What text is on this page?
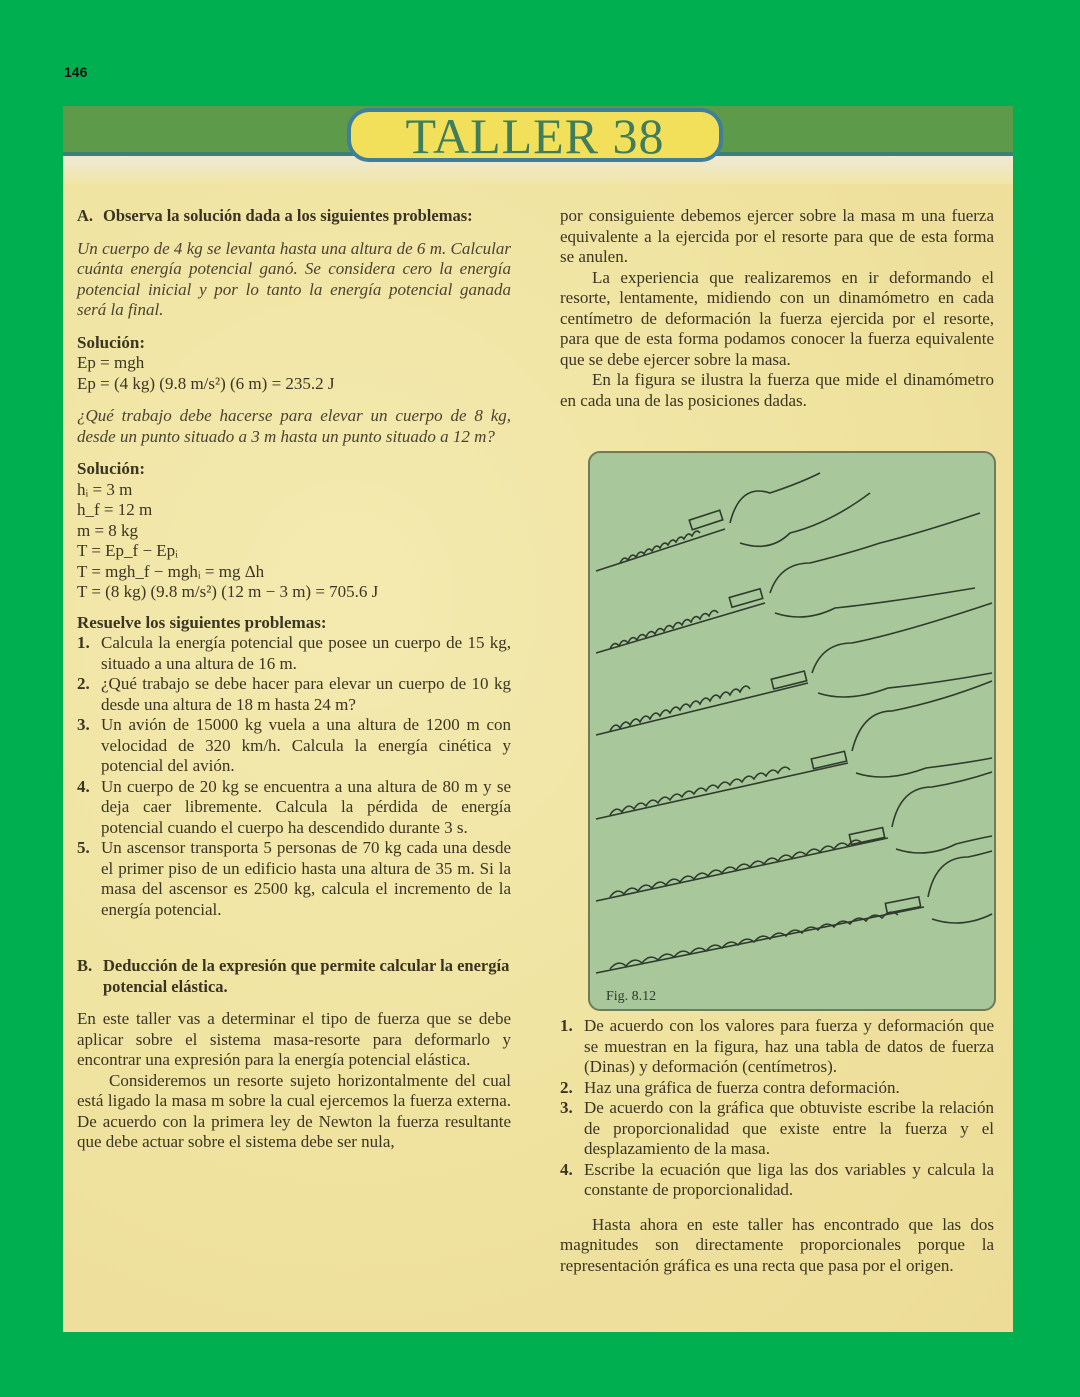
146
TALLER 38
A. Observa la solución dada a los siguientes problemas:

Un cuerpo de 4 kg se levanta hasta una altura de 6 m. Calcular cuánta energía potencial ganó. Se considera cero la energía potencial inicial y por lo tanto la energía potencial ganada será la final.

Solución:
Ep = mgh
Ep = (4 kg) (9.8 m/s²) (6 m) = 235.2 J

¿Qué trabajo debe hacerse para elevar un cuerpo de 8 kg, desde un punto situado a 3 m hasta un punto situado a 12 m?

Solución:
hᵢ = 3 m
h_f = 12 m
m = 8 kg
T = Ep_f − Epᵢ
T = mgh_f − mghᵢ = mg Δh
T = (8 kg) (9.8 m/s²) (12 m − 3 m) = 705.6 J
Resuelve los siguientes problemas:
1. Calcula la energía potencial que posee un cuerpo de 15 kg, situado a una altura de 16 m.
2. ¿Qué trabajo se debe hacer para elevar un cuerpo de 10 kg desde una altura de 18 m hasta 24 m?
3. Un avión de 15000 kg vuela a una altura de 1200 m con velocidad de 320 km/h. Calcula la energía cinética y potencial del avión.
4. Un cuerpo de 20 kg se encuentra a una altura de 80 m y se deja caer libremente. Calcula la pérdida de energía potencial cuando el cuerpo ha descendido durante 3 s.
5. Un ascensor transporta 5 personas de 70 kg cada una desde el primer piso de un edificio hasta una altura de 35 m. Si la masa del ascensor es 2500 kg, calcula el incremento de la energía potencial.
B. Deducción de la expresión que permite calcular la energía potencial elástica.

En este taller vas a determinar el tipo de fuerza que se debe aplicar sobre el sistema masa-resorte para deformarlo y encontrar una expresión para la energía potencial elástica.

Consideremos un resorte sujeto horizontalmente del cual está ligado la masa m sobre la cual ejercemos la fuerza externa. De acuerdo con la primera ley de Newton la fuerza resultante que debe actuar sobre el sistema debe ser nula,

por consiguiente debemos ejercer sobre la masa m una fuerza equivalente a la ejercida por el resorte para que de esta forma se anulen.

La experiencia que realizaremos en ir deformando el resorte, lentamente, midiendo con un dinamómetro en cada centímetro de deformación la fuerza ejercida por el resorte, para que de esta forma podamos conocer la fuerza equivalente que se debe ejercer sobre la masa.

En la figura se ilustra la fuerza que mide el dinamómetro en cada una de las posiciones dadas.

Fig. 8.12
1. De acuerdo con los valores para fuerza y deformación que se muestran en la figura, haz una tabla de datos de fuerza (Dinas) y deformación (centímetros).
2. Haz una gráfica de fuerza contra deformación.
3. De acuerdo con la gráfica que obtuviste escribe la relación de proporcionalidad que existe entre la fuerza y el desplazamiento de la masa.
4. Escribe la ecuación que liga las dos variables y calcula la constante de proporcionalidad.

Hasta ahora en este taller has encontrado que las dos magnitudes son directamente proporcionales porque la representación gráfica es una recta que pasa por el origen.
